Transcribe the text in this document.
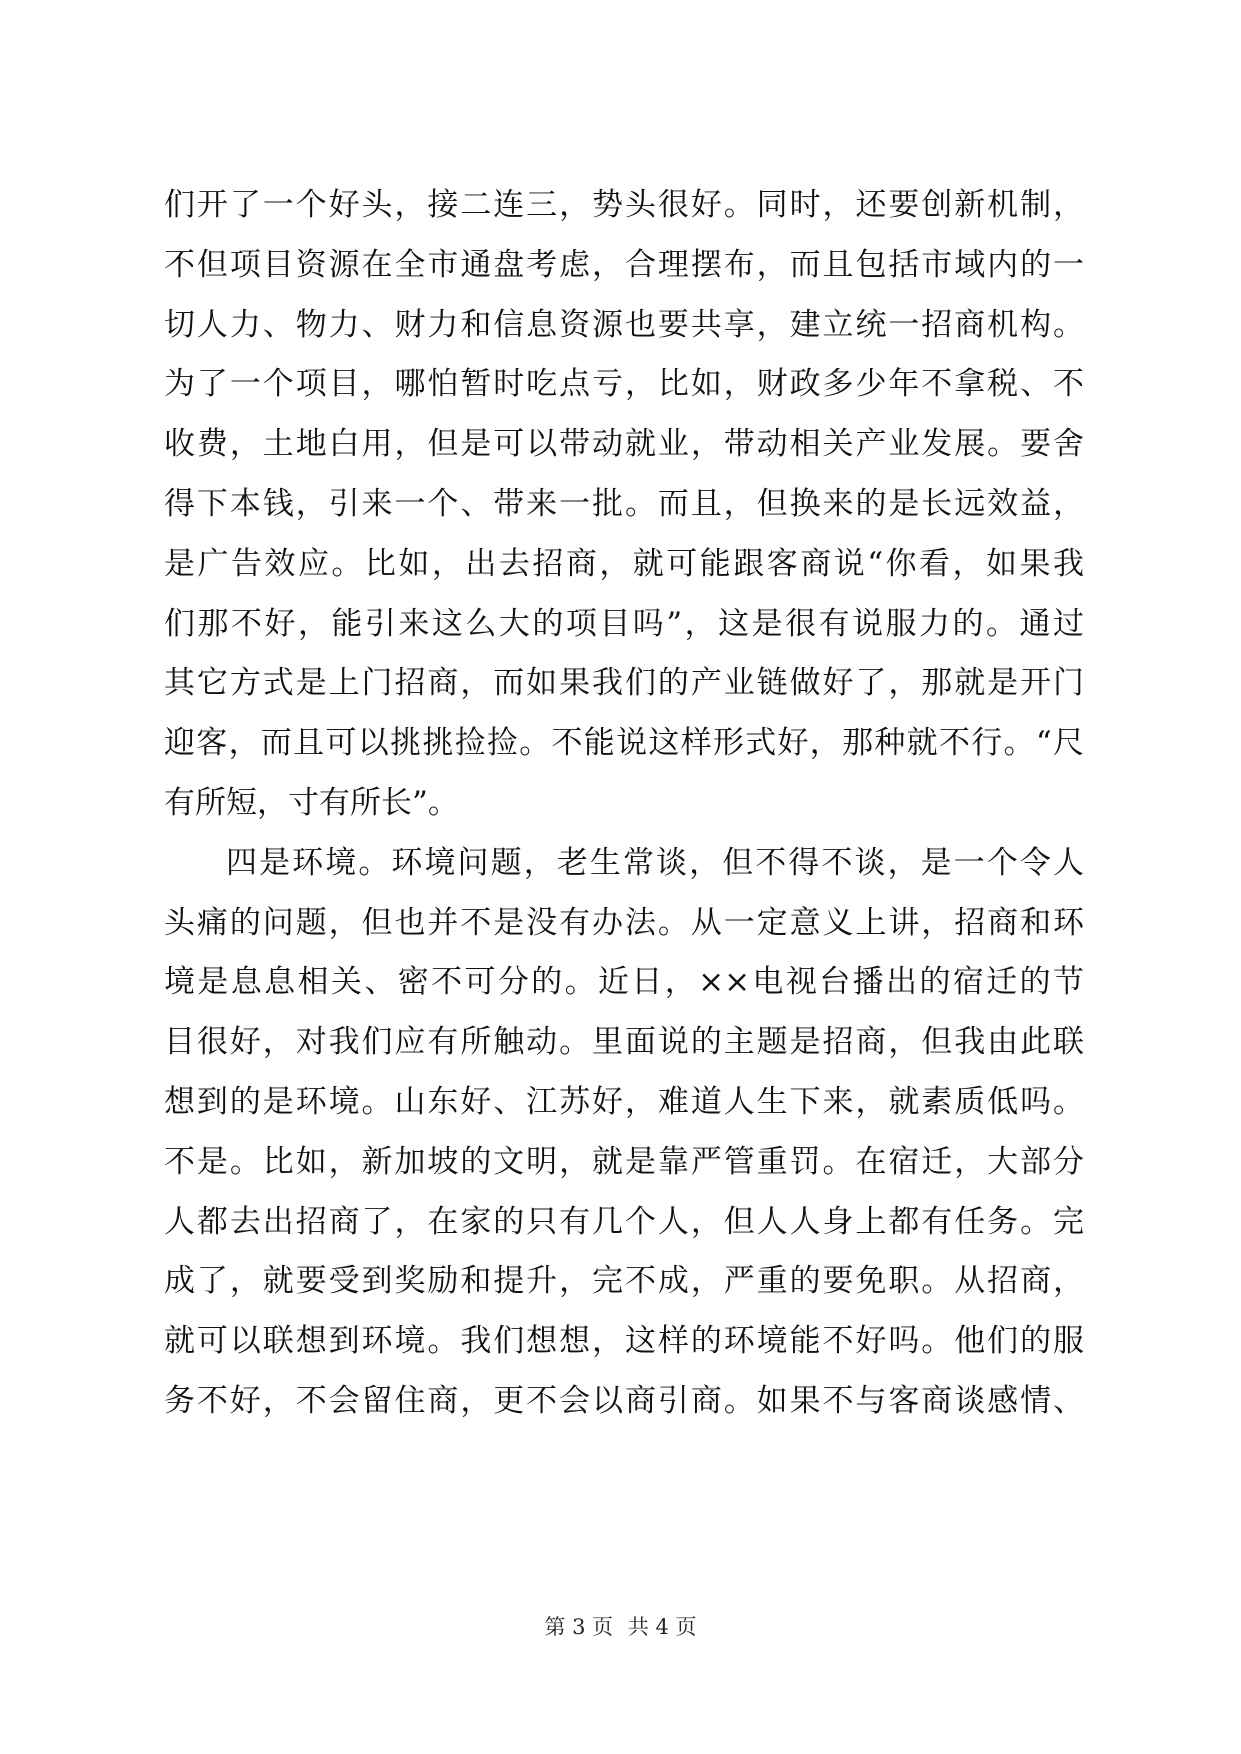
们开了一个好头，接二连三，势头很好。同时，还要创新机制，
不但项目资源在全市通盘考虑，合理摆布，而且包括市域内的一
切人力、物力、财力和信息资源也要共享，建立统一招商机构。
为了一个项目，哪怕暂时吃点亏，比如，财政多少年不拿税、不
收费，土地白用，但是可以带动就业，带动相关产业发展。要舍
得下本钱，引来一个、带来一批。而且，但换来的是长远效益，
是广告效应。比如，出去招商，就可能跟客商说“你看，如果我
们那不好，能引来这么大的项目吗”，这是很有说服力的。通过
其它方式是上门招商，而如果我们的产业链做好了，那就是开门
迎客，而且可以挑挑捡捡。不能说这样形式好，那种就不行。“尺
有所短，寸有所长”。
四是环境。环境问题，老生常谈，但不得不谈，是一个令人
头痛的问题，但也并不是没有办法。从一定意义上讲，招商和环
境是息息相关、密不可分的。近日，××电视台播出的宿迁的节
目很好，对我们应有所触动。里面说的主题是招商，但我由此联
想到的是环境。山东好、江苏好，难道人生下来，就素质低吗。
不是。比如，新加坡的文明，就是靠严管重罚。在宿迁，大部分
人都去出招商了，在家的只有几个人，但人人身上都有任务。完
成了，就要受到奖励和提升，完不成，严重的要免职。从招商，
就可以联想到环境。我们想想，这样的环境能不好吗。他们的服
务不好，不会留住商，更不会以商引商。如果不与客商谈感情、
第 3 页 共 4 页
